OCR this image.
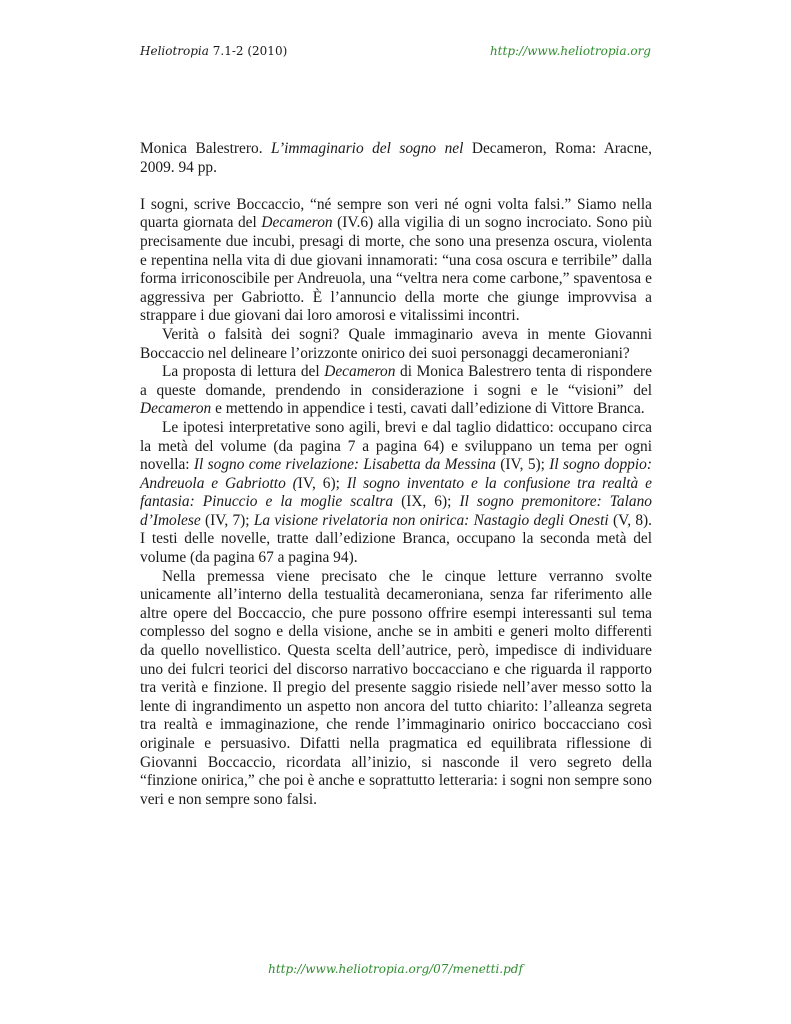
Heliotropia 7.1-2 (2010)	http://www.heliotropia.org

Monica Balestrero. L’immaginario del sogno nel Decameron, Roma: Aracne, 2009. 94 pp.

I sogni, scrive Boccaccio, “né sempre son veri né ogni volta falsi.” Siamo nella quarta giornata del Decameron (IV.6) alla vigilia di un sogno incrociato. Sono più precisamente due incubi, presagi di morte, che sono una presenza oscura, violenta e repentina nella vita di due giovani innamorati: “una cosa oscura e terribile” dalla forma irriconoscibile per Andreuola, una “veltra nera come carbone,” spaventosa e aggressiva per Gabriotto. È l’annuncio della morte che giunge improvvisa a strappare i due giovani dai loro amorosi e vitalissimi incontri.

Verità o falsità dei sogni? Quale immaginario aveva in mente Giovanni Boccaccio nel delineare l’orizzonte onirico dei suoi personaggi decameroniani?

La proposta di lettura del Decameron di Monica Balestrero tenta di rispondere a queste domande, prendendo in considerazione i sogni e le “visioni” del Decameron e mettendo in appendice i testi, cavati dall’edizione di Vittore Branca.

Le ipotesi interpretative sono agili, brevi e dal taglio didattico: occupano circa la metà del volume (da pagina 7 a pagina 64) e sviluppano un tema per ogni novella: Il sogno come rivelazione: Lisabetta da Messina (IV, 5); Il sogno doppio: Andreuola e Gabriotto (IV, 6); Il sogno inventato e la confusione tra realtà e fantasia: Pinuccio e la moglie scaltra (IX, 6); Il sogno premonitore: Talano d’Imolese (IV, 7); La visione rivelatoria non onirica: Nastagio degli Onesti (V, 8). I testi delle novelle, tratte dall’edizione Branca, occupano la seconda metà del volume (da pagina 67 a pagina 94).

Nella premessa viene precisato che le cinque letture verranno svolte unicamente all’interno della testualità decameroniana, senza far riferimento alle altre opere del Boccaccio, che pure possono offrire esempi interessanti sul tema complesso del sogno e della visione, anche se in ambiti e generi molto differenti da quello novellistico. Questa scelta dell’autrice, però, impedisce di individuare uno dei fulcri teorici del discorso narrativo boccacciano e che riguarda il rapporto tra verità e finzione. Il pregio del presente saggio risiede nell’aver messo sotto la lente di ingrandimento un aspetto non ancora del tutto chiarito: l’alleanza segreta tra realtà e immaginazione, che rende l’immaginario onirico boccacciano così originale e persuasivo. Difatti nella pragmatica ed equilibrata riflessione di Giovanni Boccaccio, ricordata all’inizio, si nasconde il vero segreto della “finzione onirica,” che poi è anche e soprattutto letteraria: i sogni non sempre sono veri e non sempre sono falsi.

http://www.heliotropia.org/07/menetti.pdf
